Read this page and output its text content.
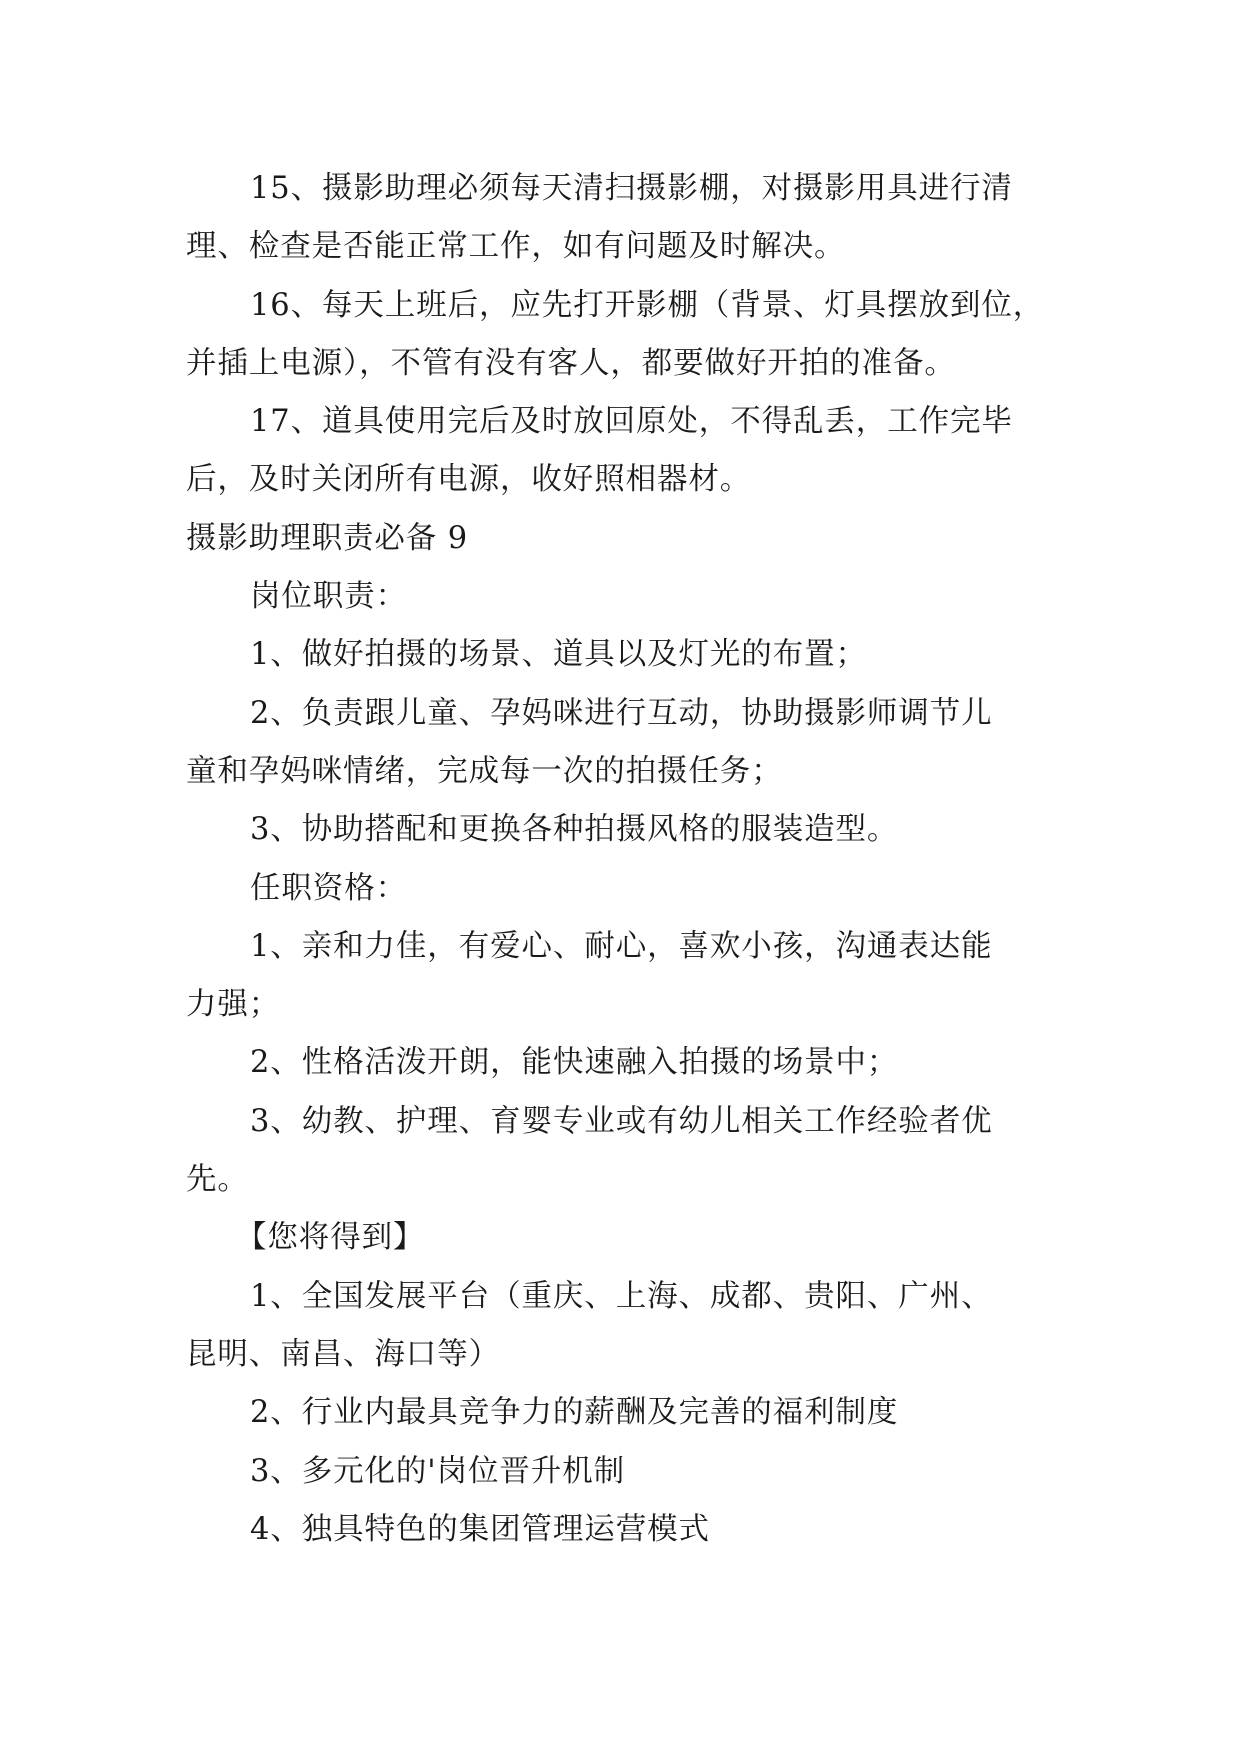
15、摄影助理必须每天清扫摄影棚，对摄影用具进行清
理、检查是否能正常工作，如有问题及时解决。
16、每天上班后，应先打开影棚（背景、灯具摆放到位，
并插上电源），不管有没有客人，都要做好开拍的准备。
17、道具使用完后及时放回原处，不得乱丢，工作完毕
后，及时关闭所有电源，收好照相器材。
摄影助理职责必备 9
岗位职责：
1、做好拍摄的场景、道具以及灯光的布置；
2、负责跟儿童、孕妈咪进行互动，协助摄影师调节儿
童和孕妈咪情绪，完成每一次的拍摄任务；
3、协助搭配和更换各种拍摄风格的服装造型。
任职资格：
1、亲和力佳，有爱心、耐心，喜欢小孩，沟通表达能
力强；
2、性格活泼开朗，能快速融入拍摄的场景中；
3、幼教、护理、育婴专业或有幼儿相关工作经验者优
先。
【您将得到】
1、全国发展平台（重庆、上海、成都、贵阳、广州、
昆明、南昌、海口等）
2、行业内最具竞争力的薪酬及完善的福利制度
3、多元化的'岗位晋升机制
4、独具特色的集团管理运营模式
